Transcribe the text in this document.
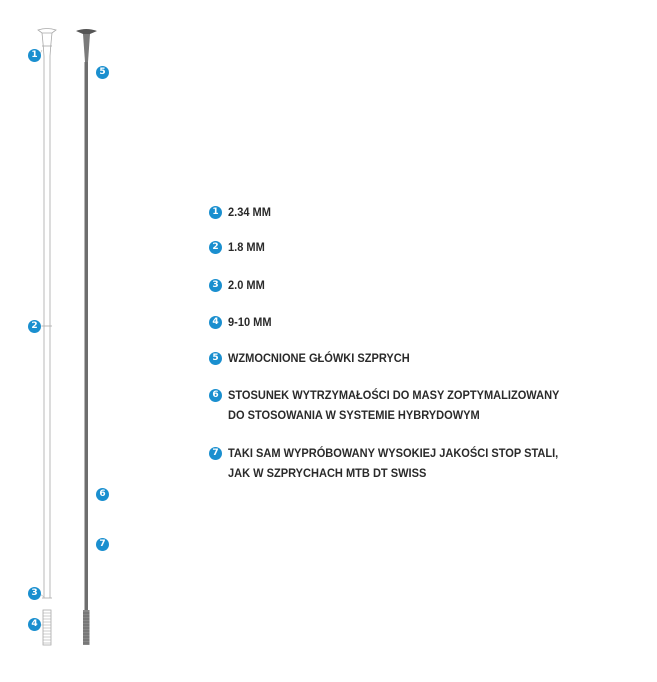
1
2
3
4
5
6
7
1 2.34 MM
2 1.8 MM
3 2.0 MM
4 9-10 MM
5 WZMOCNIONE GŁÓWKI SZPRYCH
6 STOSUNEK WYTRZYMAŁOŚCI DO MASY ZOPTYMALIZOWANY
DO STOSOWANIA W SYSTEMIE HYBRYDOWYM
7 TAKI SAM WYPRÓBOWANY WYSOKIEJ JAKOŚCI STOP STALI,
JAK W SZPRYCHACH MTB DT SWISS
